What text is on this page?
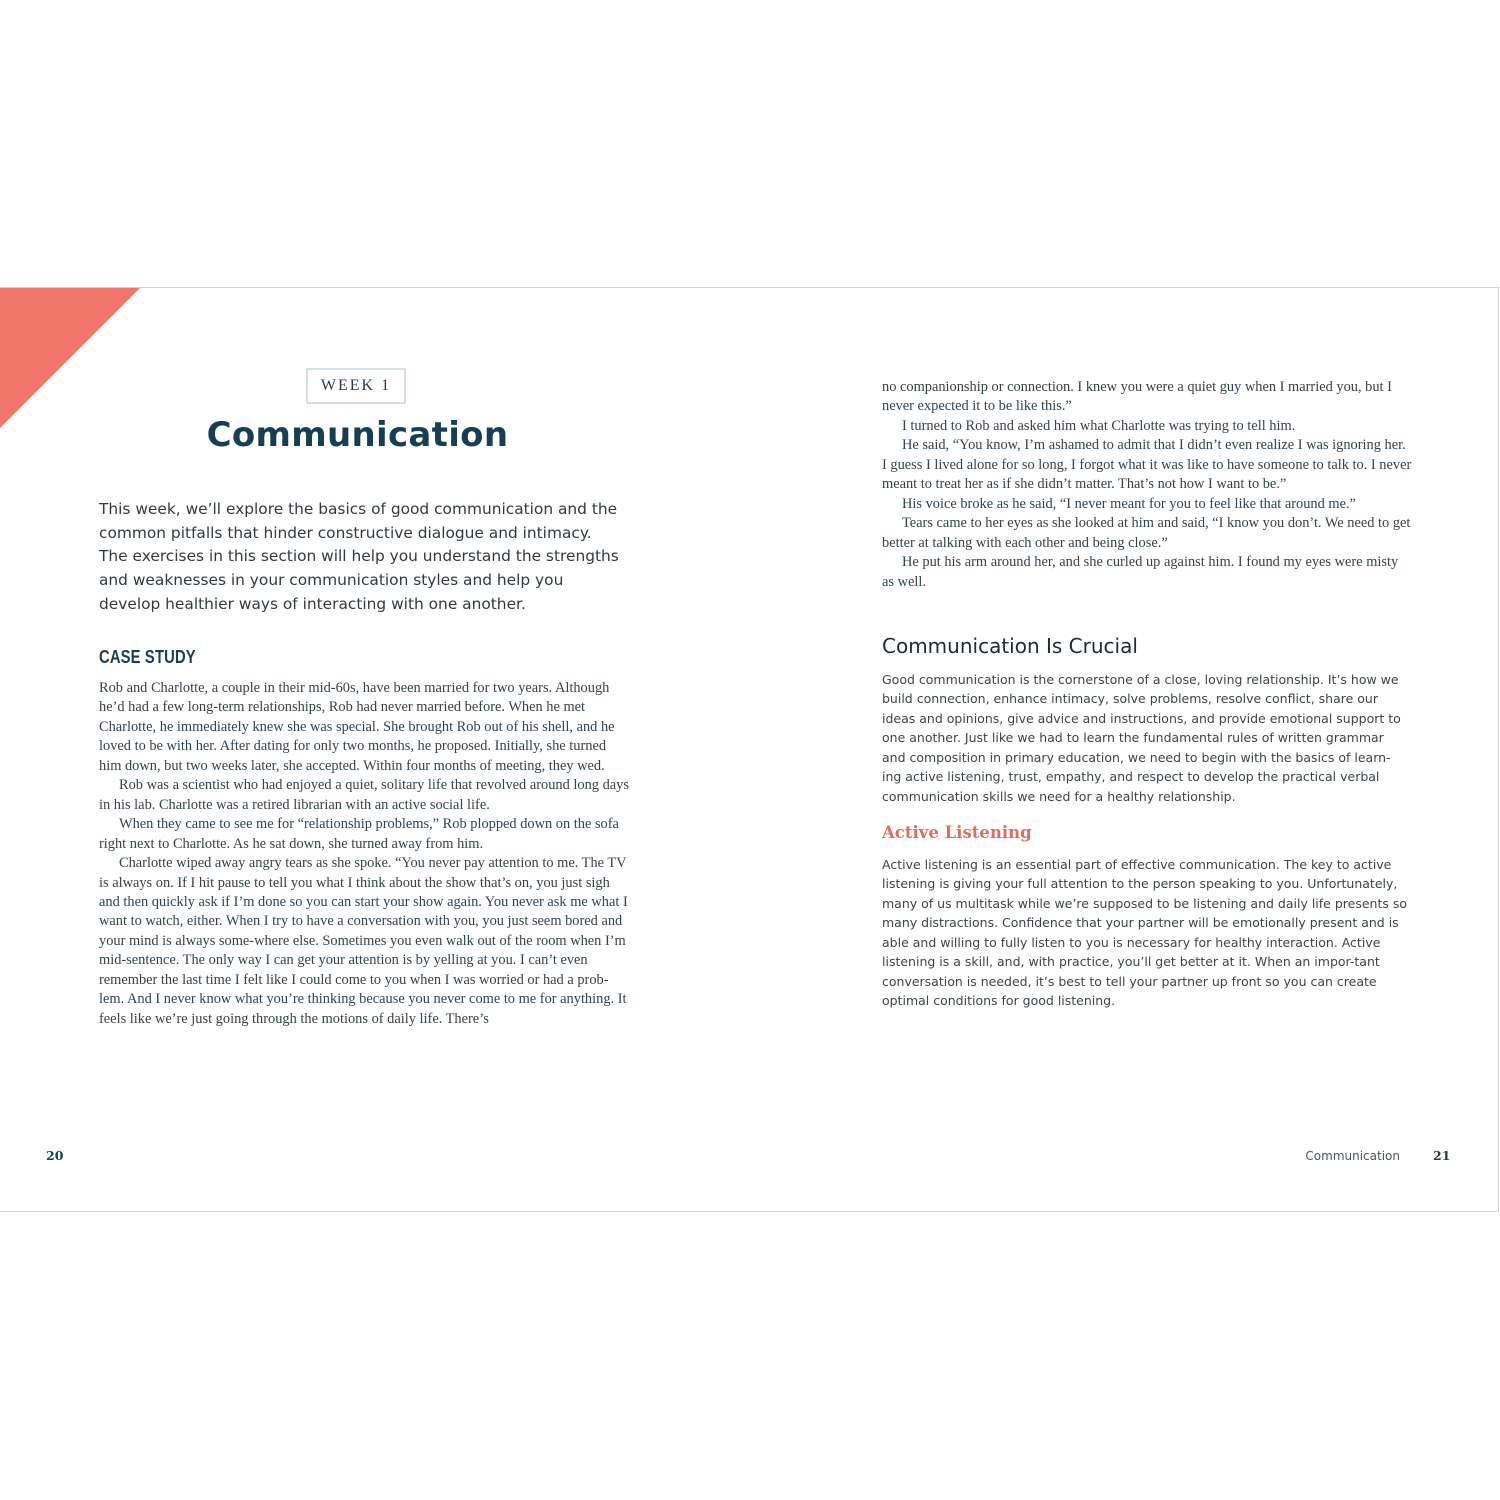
WEEK 1
Communication
This week, we’ll explore the basics of good communication and the common pitfalls that hinder constructive dialogue and intimacy. The exercises in this section will help you understand the strengths and weaknesses in your communication styles and help you develop healthier ways of interacting with one another.
CASE STUDY

Rob and Charlotte, a couple in their mid-60s, have been married for two years. Although he’d had a few long-term relationships, Rob had never married before. When he met Charlotte, he immediately knew she was special. She brought Rob out of his shell, and he loved to be with her. After dating for only two months, he proposed. Initially, she turned him down, but two weeks later, she accepted. Within four months of meeting, they wed.

Rob was a scientist who had enjoyed a quiet, solitary life that revolved around long days in his lab. Charlotte was a retired librarian with an active social life.

When they came to see me for “relationship problems,” Rob plopped down on the sofa right next to Charlotte. As he sat down, she turned away from him.

Charlotte wiped away angry tears as she spoke. “You never pay attention to me. The TV is always on. If I hit pause to tell you what I think about the show that’s on, you just sigh and then quickly ask if I’m done so you can start your show again. You never ask me what I want to watch, either. When I try to have a conversation with you, you just seem bored and your mind is always some-where else. Sometimes you even walk out of the room when I’m mid-sentence. The only way I can get your attention is by yelling at you. I can’t even remember the last time I felt like I could come to you when I was worried or had a prob-lem. And I never know what you’re thinking because you never come to me for anything. It feels like we’re just going through the motions of daily life. There’s

20

no companionship or connection. I knew you were a quiet guy when I married you, but I never expected it to be like this.”

I turned to Rob and asked him what Charlotte was trying to tell him.

He said, “You know, I’m ashamed to admit that I didn’t even realize I was ignoring her. I guess I lived alone for so long, I forgot what it was like to have someone to talk to. I never meant to treat her as if she didn’t matter. That’s not how I want to be.”

His voice broke as he said, “I never meant for you to feel like that around me.”

Tears came to her eyes as she looked at him and said, “I know you don’t. We need to get better at talking with each other and being close.”

He put his arm around her, and she curled up against him. I found my eyes were misty as well.

Communication Is Crucial
Good communication is the cornerstone of a close, loving relationship. It’s how we build connection, enhance intimacy, solve problems, resolve conflict, share our ideas and opinions, give advice and instructions, and provide emotional support to one another. Just like we had to learn the fundamental rules of written grammar and composition in primary education, we need to begin with the basics of learn-ing active listening, trust, empathy, and respect to develop the practical verbal communication skills we need for a healthy relationship.
Active Listening
Active listening is an essential part of effective communication. The key to active listening is giving your full attention to the person speaking to you. Unfortunately, many of us multitask while we’re supposed to be listening and daily life presents so many distractions. Confidence that your partner will be emotionally present and is able and willing to fully listen to you is necessary for healthy interaction. Active listening is a skill, and, with practice, you’ll get better at it. When an impor-tant conversation is needed, it’s best to tell your partner up front so you can create optimal conditions for good listening.
Communication	21
